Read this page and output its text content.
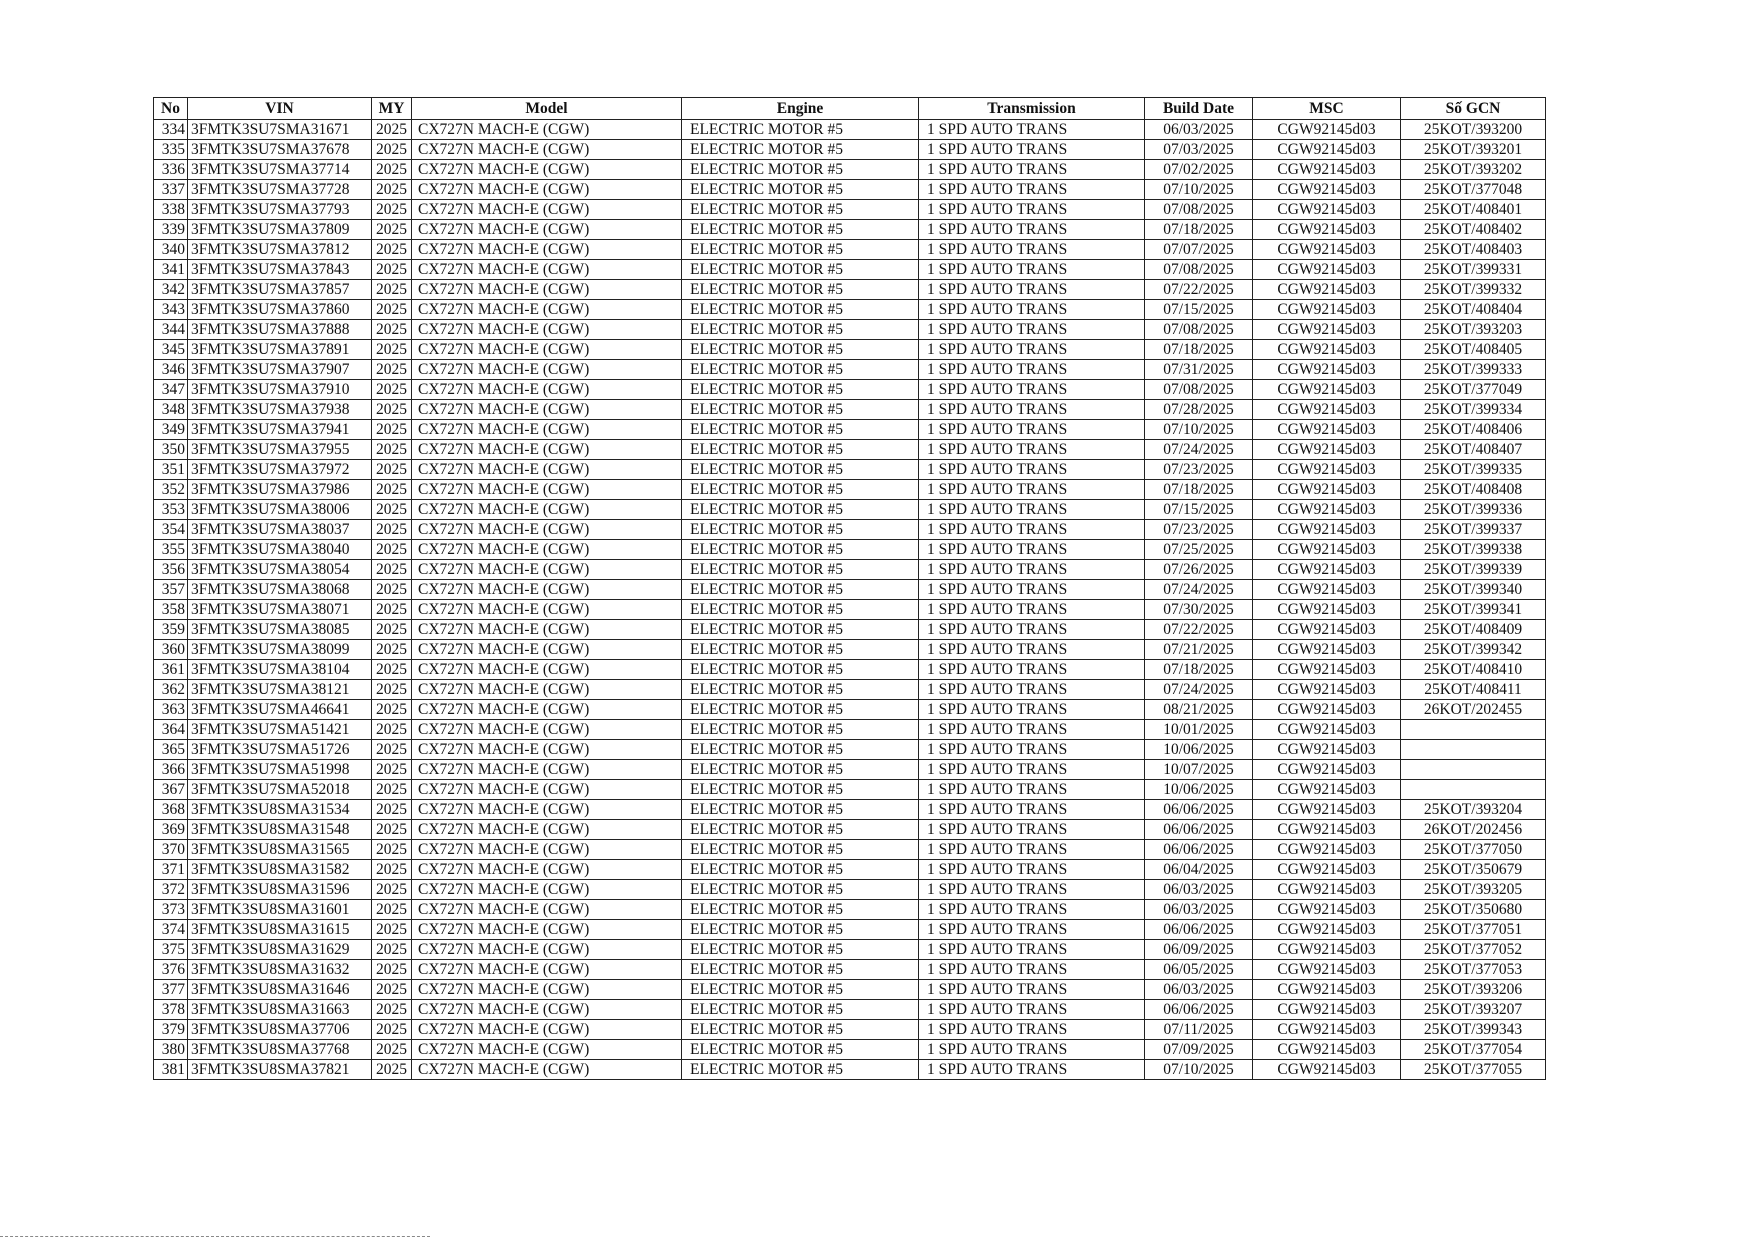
No	VIN	MY	Model	Engine	Transmission	Build Date	MSC	Số GCN
334	3FMTK3SU7SMA31671	2025	CX727N MACH-E (CGW)	ELECTRIC MOTOR #5	1 SPD AUTO TRANS	06/03/2025	CGW92145d03	25KOT/393200
335	3FMTK3SU7SMA37678	2025	CX727N MACH-E (CGW)	ELECTRIC MOTOR #5	1 SPD AUTO TRANS	07/03/2025	CGW92145d03	25KOT/393201
336	3FMTK3SU7SMA37714	2025	CX727N MACH-E (CGW)	ELECTRIC MOTOR #5	1 SPD AUTO TRANS	07/02/2025	CGW92145d03	25KOT/393202
337	3FMTK3SU7SMA37728	2025	CX727N MACH-E (CGW)	ELECTRIC MOTOR #5	1 SPD AUTO TRANS	07/10/2025	CGW92145d03	25KOT/377048
338	3FMTK3SU7SMA37793	2025	CX727N MACH-E (CGW)	ELECTRIC MOTOR #5	1 SPD AUTO TRANS	07/08/2025	CGW92145d03	25KOT/408401
339	3FMTK3SU7SMA37809	2025	CX727N MACH-E (CGW)	ELECTRIC MOTOR #5	1 SPD AUTO TRANS	07/18/2025	CGW92145d03	25KOT/408402
340	3FMTK3SU7SMA37812	2025	CX727N MACH-E (CGW)	ELECTRIC MOTOR #5	1 SPD AUTO TRANS	07/07/2025	CGW92145d03	25KOT/408403
341	3FMTK3SU7SMA37843	2025	CX727N MACH-E (CGW)	ELECTRIC MOTOR #5	1 SPD AUTO TRANS	07/08/2025	CGW92145d03	25KOT/399331
342	3FMTK3SU7SMA37857	2025	CX727N MACH-E (CGW)	ELECTRIC MOTOR #5	1 SPD AUTO TRANS	07/22/2025	CGW92145d03	25KOT/399332
343	3FMTK3SU7SMA37860	2025	CX727N MACH-E (CGW)	ELECTRIC MOTOR #5	1 SPD AUTO TRANS	07/15/2025	CGW92145d03	25KOT/408404
344	3FMTK3SU7SMA37888	2025	CX727N MACH-E (CGW)	ELECTRIC MOTOR #5	1 SPD AUTO TRANS	07/08/2025	CGW92145d03	25KOT/393203
345	3FMTK3SU7SMA37891	2025	CX727N MACH-E (CGW)	ELECTRIC MOTOR #5	1 SPD AUTO TRANS	07/18/2025	CGW92145d03	25KOT/408405
346	3FMTK3SU7SMA37907	2025	CX727N MACH-E (CGW)	ELECTRIC MOTOR #5	1 SPD AUTO TRANS	07/31/2025	CGW92145d03	25KOT/399333
347	3FMTK3SU7SMA37910	2025	CX727N MACH-E (CGW)	ELECTRIC MOTOR #5	1 SPD AUTO TRANS	07/08/2025	CGW92145d03	25KOT/377049
348	3FMTK3SU7SMA37938	2025	CX727N MACH-E (CGW)	ELECTRIC MOTOR #5	1 SPD AUTO TRANS	07/28/2025	CGW92145d03	25KOT/399334
349	3FMTK3SU7SMA37941	2025	CX727N MACH-E (CGW)	ELECTRIC MOTOR #5	1 SPD AUTO TRANS	07/10/2025	CGW92145d03	25KOT/408406
350	3FMTK3SU7SMA37955	2025	CX727N MACH-E (CGW)	ELECTRIC MOTOR #5	1 SPD AUTO TRANS	07/24/2025	CGW92145d03	25KOT/408407
351	3FMTK3SU7SMA37972	2025	CX727N MACH-E (CGW)	ELECTRIC MOTOR #5	1 SPD AUTO TRANS	07/23/2025	CGW92145d03	25KOT/399335
352	3FMTK3SU7SMA37986	2025	CX727N MACH-E (CGW)	ELECTRIC MOTOR #5	1 SPD AUTO TRANS	07/18/2025	CGW92145d03	25KOT/408408
353	3FMTK3SU7SMA38006	2025	CX727N MACH-E (CGW)	ELECTRIC MOTOR #5	1 SPD AUTO TRANS	07/15/2025	CGW92145d03	25KOT/399336
354	3FMTK3SU7SMA38037	2025	CX727N MACH-E (CGW)	ELECTRIC MOTOR #5	1 SPD AUTO TRANS	07/23/2025	CGW92145d03	25KOT/399337
355	3FMTK3SU7SMA38040	2025	CX727N MACH-E (CGW)	ELECTRIC MOTOR #5	1 SPD AUTO TRANS	07/25/2025	CGW92145d03	25KOT/399338
356	3FMTK3SU7SMA38054	2025	CX727N MACH-E (CGW)	ELECTRIC MOTOR #5	1 SPD AUTO TRANS	07/26/2025	CGW92145d03	25KOT/399339
357	3FMTK3SU7SMA38068	2025	CX727N MACH-E (CGW)	ELECTRIC MOTOR #5	1 SPD AUTO TRANS	07/24/2025	CGW92145d03	25KOT/399340
358	3FMTK3SU7SMA38071	2025	CX727N MACH-E (CGW)	ELECTRIC MOTOR #5	1 SPD AUTO TRANS	07/30/2025	CGW92145d03	25KOT/399341
359	3FMTK3SU7SMA38085	2025	CX727N MACH-E (CGW)	ELECTRIC MOTOR #5	1 SPD AUTO TRANS	07/22/2025	CGW92145d03	25KOT/408409
360	3FMTK3SU7SMA38099	2025	CX727N MACH-E (CGW)	ELECTRIC MOTOR #5	1 SPD AUTO TRANS	07/21/2025	CGW92145d03	25KOT/399342
361	3FMTK3SU7SMA38104	2025	CX727N MACH-E (CGW)	ELECTRIC MOTOR #5	1 SPD AUTO TRANS	07/18/2025	CGW92145d03	25KOT/408410
362	3FMTK3SU7SMA38121	2025	CX727N MACH-E (CGW)	ELECTRIC MOTOR #5	1 SPD AUTO TRANS	07/24/2025	CGW92145d03	25KOT/408411
363	3FMTK3SU7SMA46641	2025	CX727N MACH-E (CGW)	ELECTRIC MOTOR #5	1 SPD AUTO TRANS	08/21/2025	CGW92145d03	26KOT/202455
364	3FMTK3SU7SMA51421	2025	CX727N MACH-E (CGW)	ELECTRIC MOTOR #5	1 SPD AUTO TRANS	10/01/2025	CGW92145d03	
365	3FMTK3SU7SMA51726	2025	CX727N MACH-E (CGW)	ELECTRIC MOTOR #5	1 SPD AUTO TRANS	10/06/2025	CGW92145d03	
366	3FMTK3SU7SMA51998	2025	CX727N MACH-E (CGW)	ELECTRIC MOTOR #5	1 SPD AUTO TRANS	10/07/2025	CGW92145d03	
367	3FMTK3SU7SMA52018	2025	CX727N MACH-E (CGW)	ELECTRIC MOTOR #5	1 SPD AUTO TRANS	10/06/2025	CGW92145d03	
368	3FMTK3SU8SMA31534	2025	CX727N MACH-E (CGW)	ELECTRIC MOTOR #5	1 SPD AUTO TRANS	06/06/2025	CGW92145d03	25KOT/393204
369	3FMTK3SU8SMA31548	2025	CX727N MACH-E (CGW)	ELECTRIC MOTOR #5	1 SPD AUTO TRANS	06/06/2025	CGW92145d03	26KOT/202456
370	3FMTK3SU8SMA31565	2025	CX727N MACH-E (CGW)	ELECTRIC MOTOR #5	1 SPD AUTO TRANS	06/06/2025	CGW92145d03	25KOT/377050
371	3FMTK3SU8SMA31582	2025	CX727N MACH-E (CGW)	ELECTRIC MOTOR #5	1 SPD AUTO TRANS	06/04/2025	CGW92145d03	25KOT/350679
372	3FMTK3SU8SMA31596	2025	CX727N MACH-E (CGW)	ELECTRIC MOTOR #5	1 SPD AUTO TRANS	06/03/2025	CGW92145d03	25KOT/393205
373	3FMTK3SU8SMA31601	2025	CX727N MACH-E (CGW)	ELECTRIC MOTOR #5	1 SPD AUTO TRANS	06/03/2025	CGW92145d03	25KOT/350680
374	3FMTK3SU8SMA31615	2025	CX727N MACH-E (CGW)	ELECTRIC MOTOR #5	1 SPD AUTO TRANS	06/06/2025	CGW92145d03	25KOT/377051
375	3FMTK3SU8SMA31629	2025	CX727N MACH-E (CGW)	ELECTRIC MOTOR #5	1 SPD AUTO TRANS	06/09/2025	CGW92145d03	25KOT/377052
376	3FMTK3SU8SMA31632	2025	CX727N MACH-E (CGW)	ELECTRIC MOTOR #5	1 SPD AUTO TRANS	06/05/2025	CGW92145d03	25KOT/377053
377	3FMTK3SU8SMA31646	2025	CX727N MACH-E (CGW)	ELECTRIC MOTOR #5	1 SPD AUTO TRANS	06/03/2025	CGW92145d03	25KOT/393206
378	3FMTK3SU8SMA31663	2025	CX727N MACH-E (CGW)	ELECTRIC MOTOR #5	1 SPD AUTO TRANS	06/06/2025	CGW92145d03	25KOT/393207
379	3FMTK3SU8SMA37706	2025	CX727N MACH-E (CGW)	ELECTRIC MOTOR #5	1 SPD AUTO TRANS	07/11/2025	CGW92145d03	25KOT/399343
380	3FMTK3SU8SMA37768	2025	CX727N MACH-E (CGW)	ELECTRIC MOTOR #5	1 SPD AUTO TRANS	07/09/2025	CGW92145d03	25KOT/377054
381	3FMTK3SU8SMA37821	2025	CX727N MACH-E (CGW)	ELECTRIC MOTOR #5	1 SPD AUTO TRANS	07/10/2025	CGW92145d03	25KOT/377055
